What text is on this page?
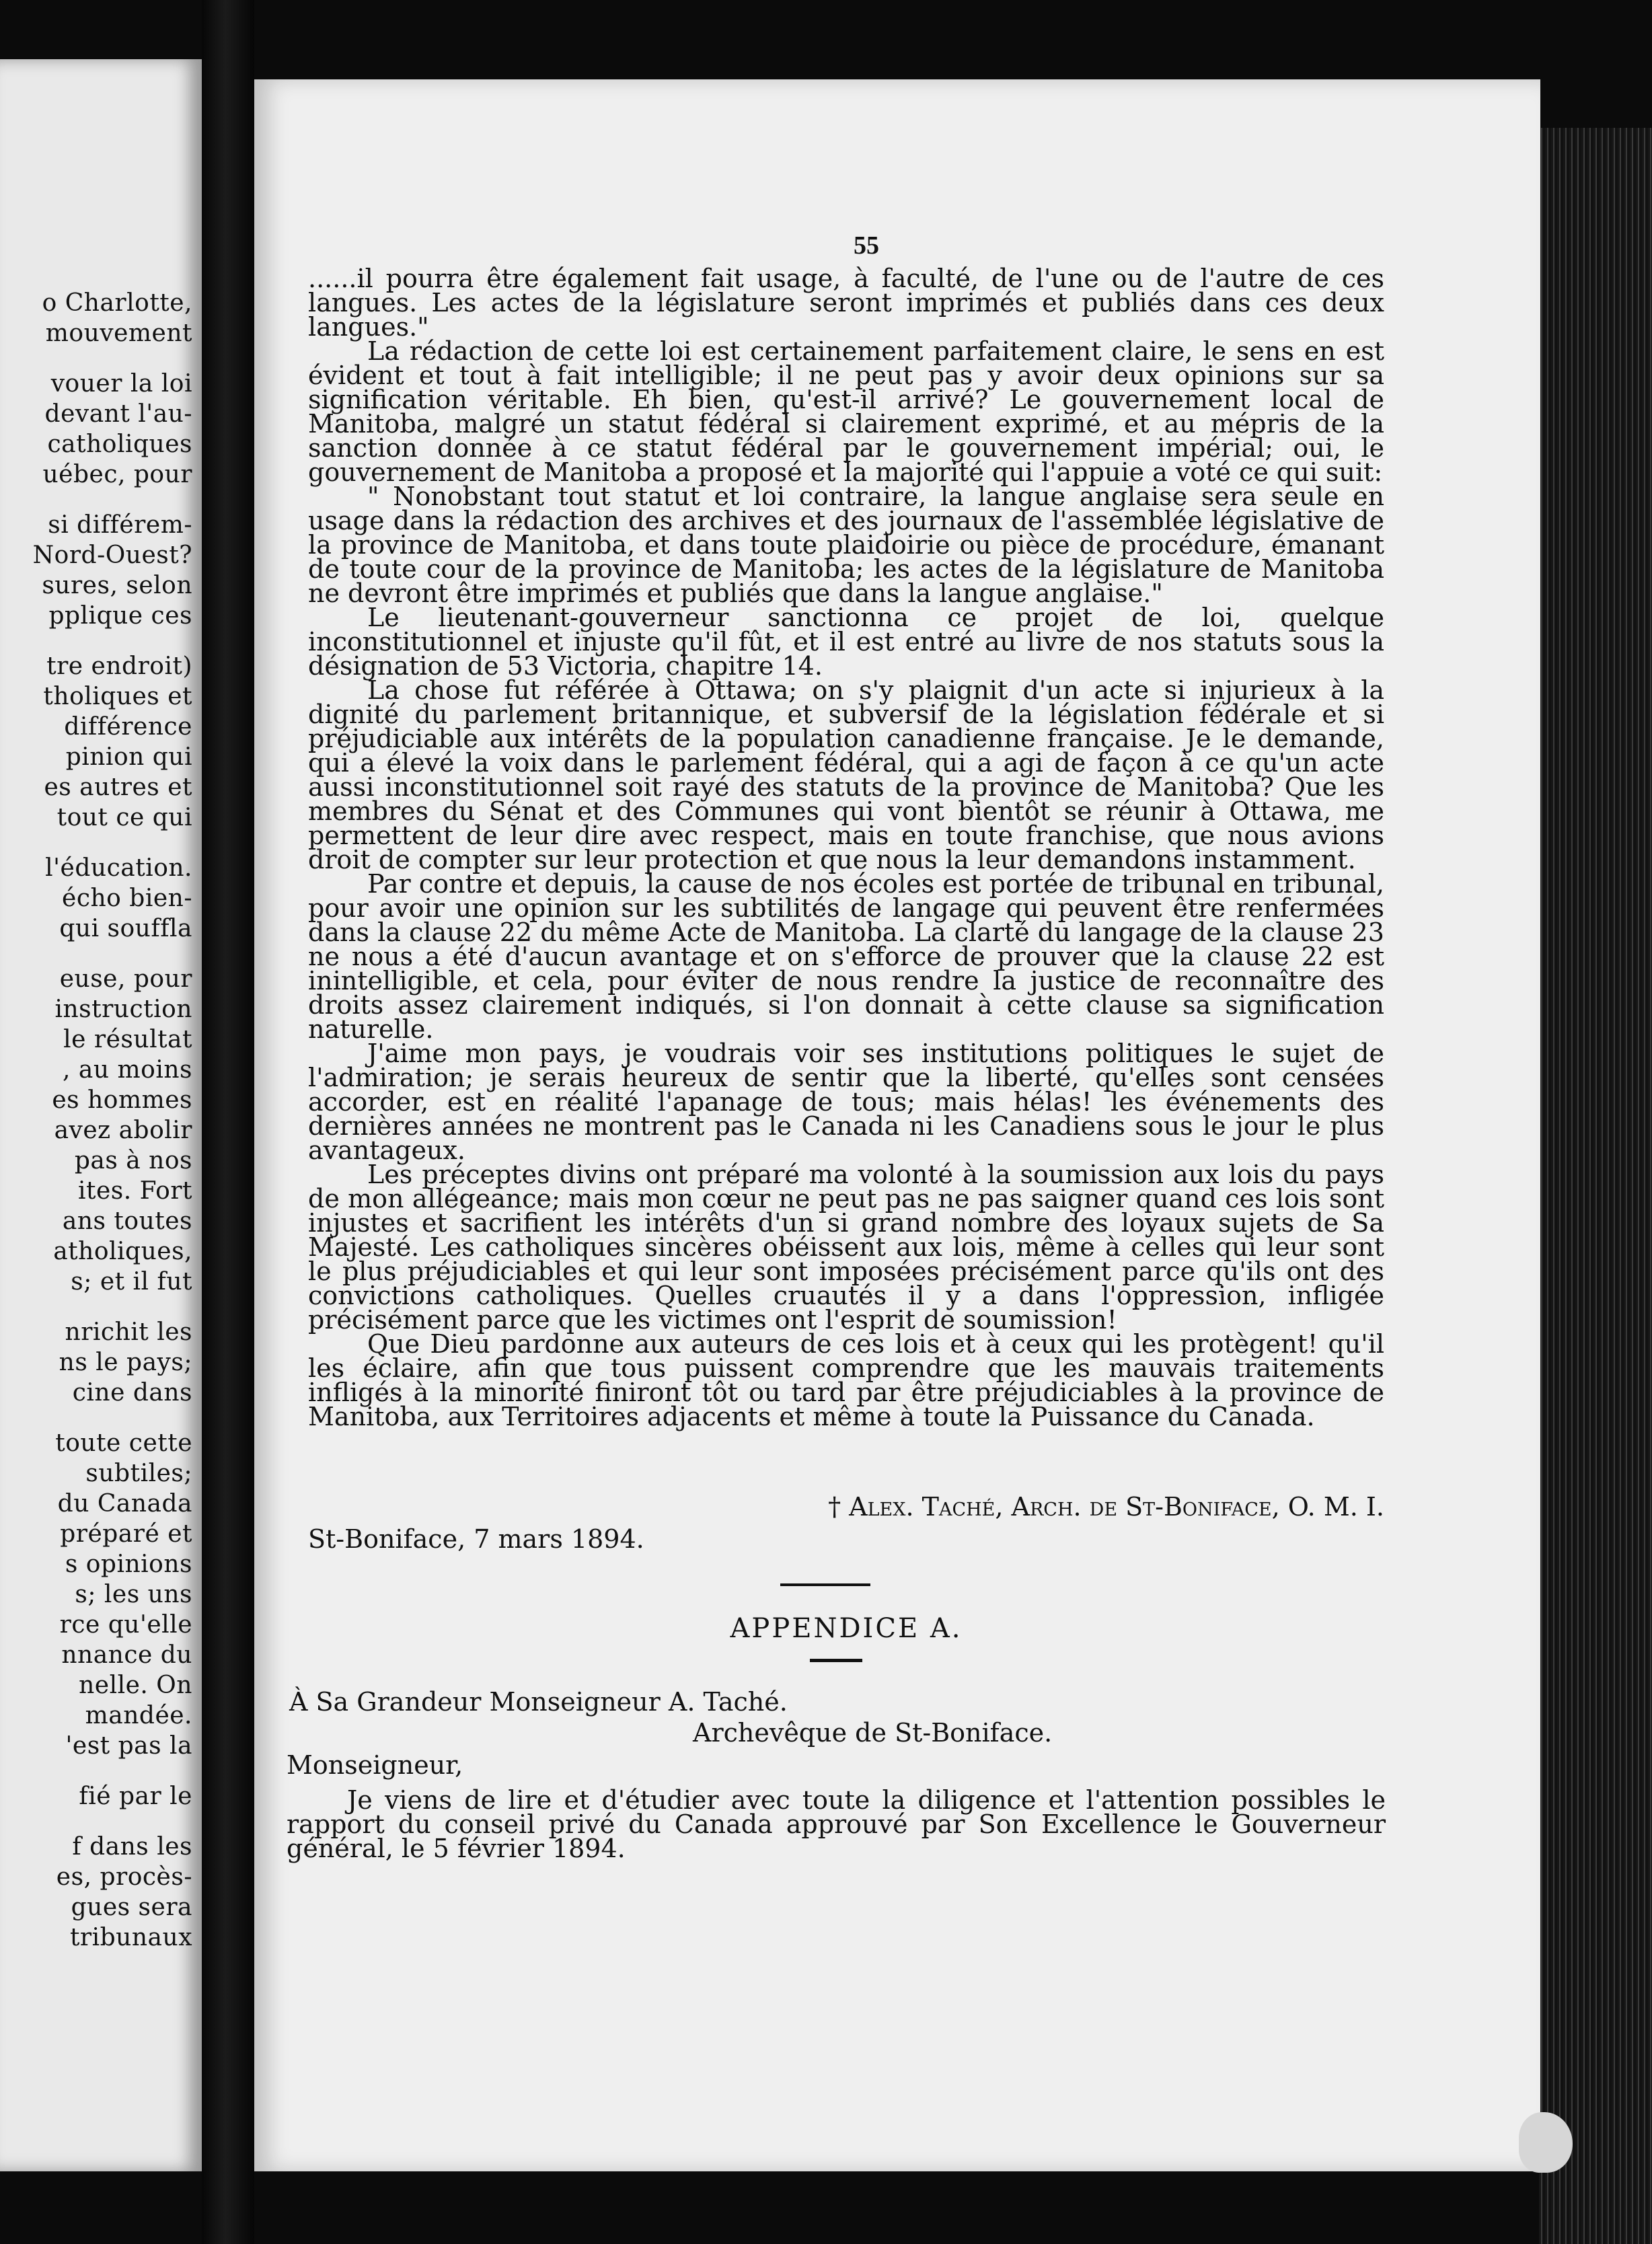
o Charlotte,
mouvement
vouer la loi
devant l'au-
catholiques
uébec, pour
si différem-
Nord-Ouest?
sures, selon
pplique ces
tre endroit)
tholiques et
différence
pinion qui
es autres et
tout ce qui
l'éducation.
écho bien-
qui souffla
euse, pour
instruction
le résultat
, au moins
es hommes
avez abolir
pas à nos
ites. Fort
ans toutes
atholiques,
s; et il fut
nrichit les
ns le pays;
cine dans
toute cette
subtiles;
du Canada
préparé et
s opinions
s; les uns
rce qu'elle
nnance du
nelle. On
mandée.
'est pas la
fié par le
f dans les
es, procès-
gues sera
tribunaux
55

......il pourra être également fait usage, à faculté, de l'une ou de l'autre de ces langues. Les actes de la législature seront imprimés et publiés dans ces deux langues."

La rédaction de cette loi est certainement parfaitement claire, le sens en est évident et tout à fait intelligible; il ne peut pas y avoir deux opinions sur sa signification véritable. Eh bien, qu'est-il arrivé? Le gouvernement local de Manitoba, malgré un statut fédéral si clairement exprimé, et au mépris de la sanction donnée à ce statut fédéral par le gouvernement impérial; oui, le gouvernement de Manitoba a proposé et la majorité qui l'appuie a voté ce qui suit:

" Nonobstant tout statut et loi contraire, la langue anglaise sera seule en usage dans la rédaction des archives et des journaux de l'assemblée législative de la province de Manitoba, et dans toute plaidoirie ou pièce de procédure, émanant de toute cour de la province de Manitoba; les actes de la législature de Manitoba ne devront être imprimés et publiés que dans la langue anglaise."

Le lieutenant-gouverneur sanctionna ce projet de loi, quelque inconstitutionnel et injuste qu'il fût, et il est entré au livre de nos statuts sous la désignation de 53 Victoria, chapitre 14.

La chose fut référée à Ottawa; on s'y plaignit d'un acte si injurieux à la dignité du parlement britannique, et subversif de la législation fédérale et si préjudiciable aux intérêts de la population canadienne française. Je le demande, qui a élevé la voix dans le parlement fédéral, qui a agi de façon à ce qu'un acte aussi inconstitutionnel soit rayé des statuts de la province de Manitoba? Que les membres du Sénat et des Communes qui vont bientôt se réunir à Ottawa, me permettent de leur dire avec respect, mais en toute franchise, que nous avions droit de compter sur leur protection et que nous la leur demandons instamment.

Par contre et depuis, la cause de nos écoles est portée de tribunal en tribunal, pour avoir une opinion sur les subtilités de langage qui peuvent être renfermées dans la clause 22 du même Acte de Manitoba. La clarté du langage de la clause 23 ne nous a été d'aucun avantage et on s'efforce de prouver que la clause 22 est inintelligible, et cela, pour éviter de nous rendre la justice de reconnaître des droits assez clairement indiqués, si l'on donnait à cette clause sa signification naturelle.

J'aime mon pays, je voudrais voir ses institutions politiques le sujet de l'admiration; je serais heureux de sentir que la liberté, qu'elles sont censées accorder, est en réalité l'apanage de tous; mais hélas! les événements des dernières années ne montrent pas le Canada ni les Canadiens sous le jour le plus avantageux.

Les préceptes divins ont préparé ma volonté à la soumission aux lois du pays de mon allégeance; mais mon cœur ne peut pas ne pas saigner quand ces lois sont injustes et sacrifient les intérêts d'un si grand nombre des loyaux sujets de Sa Majesté. Les catholiques sincères obéissent aux lois, même à celles qui leur sont le plus préjudiciables et qui leur sont imposées précisément parce qu'ils ont des convictions catholiques. Quelles cruautés il y a dans l'oppression, infligée précisément parce que les victimes ont l'esprit de soumission!

Que Dieu pardonne aux auteurs de ces lois et à ceux qui les protègent! qu'il les éclaire, afin que tous puissent comprendre que les mauvais traitements infligés à la minorité finiront tôt ou tard par être préjudiciables à la province de Manitoba, aux Territoires adjacents et même à toute la Puissance du Canada.

† Alex. Taché, Arch. de St-Boniface, O. M. I.
St-Boniface, 7 mars 1894.
APPENDICE A.
À Sa Grandeur Monseigneur A. Taché.
Archevêque de St-Boniface.
Monseigneur,
Je viens de lire et d'étudier avec toute la diligence et l'attention possibles le rapport du conseil privé du Canada approuvé par Son Excellence le Gouverneur général, le 5 février 1894.
